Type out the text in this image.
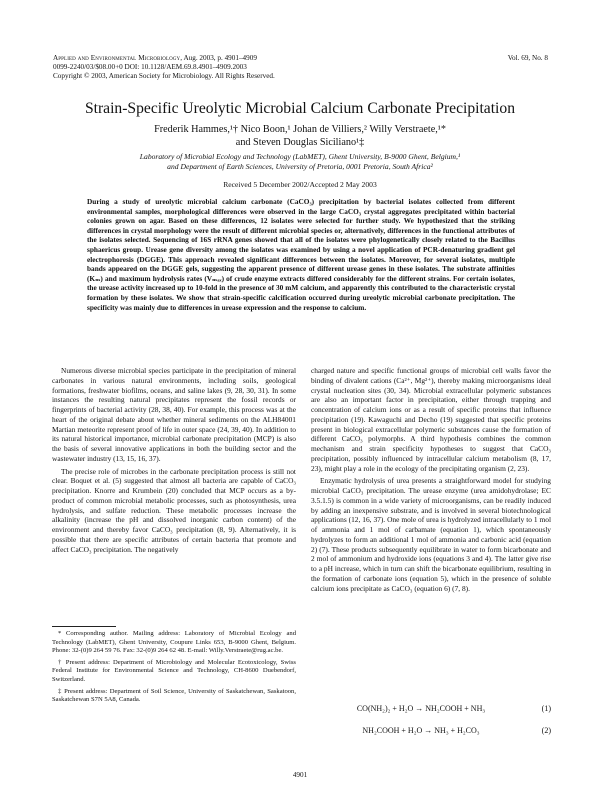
Applied and Environmental Microbiology, Aug. 2003, p. 4901–4909
0099-2240/03/$08.00+0 DOI: 10.1128/AEM.69.8.4901–4909.2003
Copyright © 2003, American Society for Microbiology. All Rights Reserved.
Vol. 69, No. 8
Strain-Specific Ureolytic Microbial Calcium Carbonate Precipitation
Frederik Hammes,¹† Nico Boon,¹ Johan de Villiers,² Willy Verstraete,¹*
and Steven Douglas Siciliano¹‡
Laboratory of Microbial Ecology and Technology (LabMET), Ghent University, B-9000 Ghent, Belgium,¹
and Department of Earth Sciences, University of Pretoria, 0001 Pretoria, South Africa²
Received 5 December 2002/Accepted 2 May 2003
During a study of ureolytic microbial calcium carbonate (CaCO₃) precipitation by bacterial isolates collected from different environmental samples, morphological differences were observed in the large CaCO₃ crystal aggregates precipitated within bacterial colonies grown on agar. Based on these differences, 12 isolates were selected for further study. We hypothesized that the striking differences in crystal morphology were the result of different microbial species or, alternatively, differences in the functional attributes of the isolates selected. Sequencing of 16S rRNA genes showed that all of the isolates were phylogenetically closely related to the Bacillus sphaericus group. Urease gene diversity among the isolates was examined by using a novel application of PCR-denaturing gradient gel electrophoresis (DGGE). This approach revealed significant differences between the isolates. Moreover, for several isolates, multiple bands appeared on the DGGE gels, suggesting the apparent presence of different urease genes in these isolates. The substrate affinities (Kₘ) and maximum hydrolysis rates (Vₘₐₓ) of crude enzyme extracts differed considerably for the different strains. For certain isolates, the urease activity increased up to 10-fold in the presence of 30 mM calcium, and apparently this contributed to the characteristic crystal formation by these isolates. We show that strain-specific calcification occurred during ureolytic microbial carbonate precipitation. The specificity was mainly due to differences in urease expression and the response to calcium.

Numerous diverse microbial species participate in the precipitation of mineral carbonates in various natural environments, including soils, geological formations, freshwater biofilms, oceans, and saline lakes (9, 28, 30, 31). In some instances the resulting natural precipitates represent the fossil records or fingerprints of bacterial activity (28, 38, 40). For example, this process was at the heart of the original debate about whether mineral sediments on the ALH84001 Martian meteorite represent proof of life in outer space (24, 39, 40). In addition to its natural historical importance, microbial carbonate precipitation (MCP) is also the basis of several innovative applications in both the building sector and the wastewater industry (13, 15, 16, 37).

The precise role of microbes in the carbonate precipitation process is still not clear. Boquet et al. (5) suggested that almost all bacteria are capable of CaCO₃ precipitation. Knorre and Krumbein (20) concluded that MCP occurs as a by-product of common microbial metabolic processes, such as photosynthesis, urea hydrolysis, and sulfate reduction. These metabolic processes increase the alkalinity (increase the pH and dissolved inorganic carbon content) of the environment and thereby favor CaCO₃ precipitation (8, 9). Alternatively, it is possible that there are specific attributes of certain bacteria that promote and affect CaCO₃ precipitation. The negatively

* Corresponding author. Mailing address: Laboratory of Microbial Ecology and Technology (LabMET), Ghent University, Coupure Links 653, B-9000 Ghent, Belgium. Phone: 32-(0)9 264 59 76. Fax: 32-(0)9 264 62 48. E-mail: Willy.Verstraete@rug.ac.be.

† Present address: Department of Microbiology and Molecular Ecotoxicology, Swiss Federal Institute for Environmental Science and Technology, CH-8600 Duebendorf, Switzerland.

‡ Present address: Department of Soil Science, University of Saskatchewan, Saskatoon, Saskatchewan S7N 5A8, Canada.

charged nature and specific functional groups of microbial cell walls favor the binding of divalent cations (Ca²⁺, Mg²⁺), thereby making microorganisms ideal crystal nucleation sites (30, 34). Microbial extracellular polymeric substances are also an important factor in precipitation, either through trapping and concentration of calcium ions or as a result of specific proteins that influence precipitation (19). Kawaguchi and Decho (19) suggested that specific proteins present in biological extracellular polymeric substances cause the formation of different CaCO₃ polymorphs. A third hypothesis combines the common mechanism and strain specificity hypotheses to suggest that CaCO₃ precipitation, possibly influenced by intracellular calcium metabolism (8, 17, 23), might play a role in the ecology of the precipitating organism (2, 23).

Enzymatic hydrolysis of urea presents a straightforward model for studying microbial CaCO₃ precipitation. The urease enzyme (urea amidohydrolase; EC 3.5.1.5) is common in a wide variety of microorganisms, can be readily induced by adding an inexpensive substrate, and is involved in several biotechnological applications (12, 16, 37). One mole of urea is hydrolyzed intracellularly to 1 mol of ammonia and 1 mol of carbamate (equation 1), which spontaneously hydrolyzes to form an additional 1 mol of ammonia and carbonic acid (equation 2) (7). These products subsequently equilibrate in water to form bicarbonate and 2 mol of ammonium and hydroxide ions (equations 3 and 4). The latter give rise to a pH increase, which in turn can shift the bicarbonate equilibrium, resulting in the formation of carbonate ions (equation 5), which in the presence of soluble calcium ions precipitate as CaCO₃ (equation 6) (7, 8).

CO(NH₂)₂ + H₂O → NH₂COOH + NH₃	(1)
NH₂COOH + H₂O → NH₃ + H₂CO₃	(2)
4901
